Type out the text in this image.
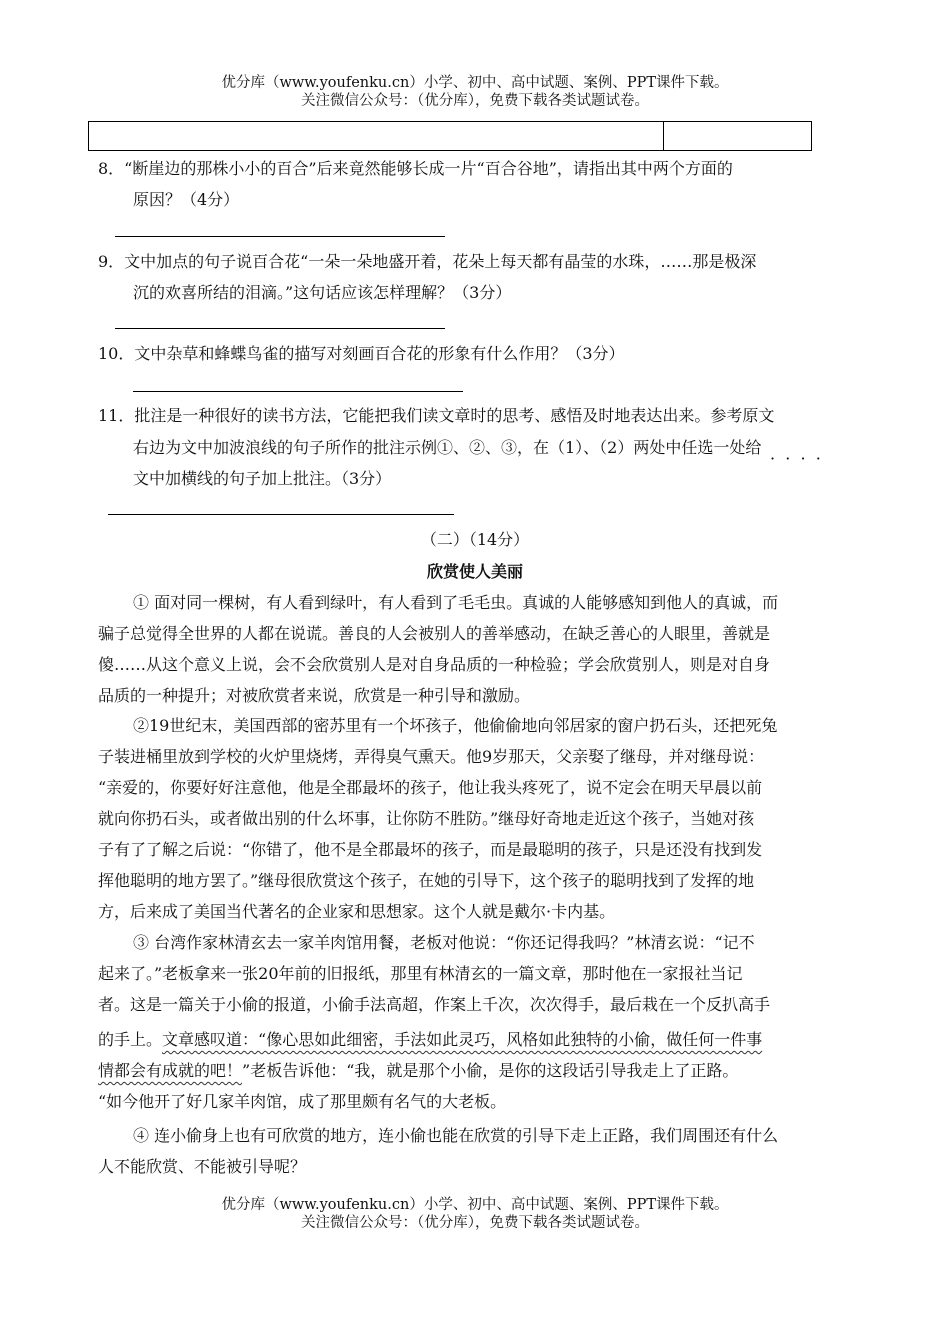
优分库（www.youfenku.cn）小学、初中、高中试题、案例、PPT课件下载。
关注微信公众号：（优分库），免费下载各类试题试卷。
8．“断崖边的那株小小的百合”后来竟然能够长成一片“百合谷地”，请指出其中两个方面的
原因？（4分）
9．文中加点的句子说百合花“一朵一朵地盛开着，花朵上每天都有晶莹的水珠，……那是极深
沉的欢喜所结的泪滴。”这句话应该怎样理解？（3分）
10．文中杂草和蜂蝶鸟雀的描写对刻画百合花的形象有什么作用？（3分）
11．批注是一种很好的读书方法，它能把我们读文章时的思考、感悟及时地表达出来。参考原文
右边为文中加波浪线的句子所作的批注示例①、②、③，在（1）、（2）两处中任选一处给
·  ·  ·  ·
文中加横线的句子加上批注。（3分）
（二）（14分）
欣赏使人美丽
① 面对同一棵树，有人看到绿叶，有人看到了毛毛虫。真诚的人能够感知到他人的真诚，而
骗子总觉得全世界的人都在说谎。善良的人会被别人的善举感动，在缺乏善心的人眼里，善就是
傻……从这个意义上说，会不会欣赏别人是对自身品质的一种检验；学会欣赏别人，则是对自身
品质的一种提升；对被欣赏者来说，欣赏是一种引导和激励。
②19世纪末，美国西部的密苏里有一个坏孩子，他偷偷地向邻居家的窗户扔石头，还把死兔
子装进桶里放到学校的火炉里烧烤，弄得臭气熏天。他9岁那天，父亲娶了继母，并对继母说：
“亲爱的，你要好好注意他，他是全郡最坏的孩子，他让我头疼死了，说不定会在明天早晨以前
就向你扔石头，或者做出别的什么坏事，让你防不胜防。”继母好奇地走近这个孩子，当她对孩
子有了了解之后说：“你错了，他不是全郡最坏的孩子，而是最聪明的孩子，只是还没有找到发
挥他聪明的地方罢了。”继母很欣赏这个孩子，在她的引导下，这个孩子的聪明找到了发挥的地
方，后来成了美国当代著名的企业家和思想家。这个人就是戴尔·卡内基。
③ 台湾作家林清玄去一家羊肉馆用餐，老板对他说：“你还记得我吗？”林清玄说：“记不
起来了。”老板拿来一张20年前的旧报纸，那里有林清玄的一篇文章，那时他在一家报社当记
者。这是一篇关于小偷的报道，小偷手法高超，作案上千次，次次得手，最后栽在一个反扒高手
的手上。文章感叹道：“像心思如此细密，手法如此灵巧，风格如此独特的小偷，做任何一件事
情都会有成就的吧！”老板告诉他：“我，就是那个小偷，是你的这段话引导我走上了正路。
“如今他开了好几家羊肉馆，成了那里颇有名气的大老板。
④ 连小偷身上也有可欣赏的地方，连小偷也能在欣赏的引导下走上正路，我们周围还有什么
人不能欣赏、不能被引导呢？
优分库（www.youfenku.cn）小学、初中、高中试题、案例、PPT课件下载。
关注微信公众号：（优分库），免费下载各类试题试卷。
